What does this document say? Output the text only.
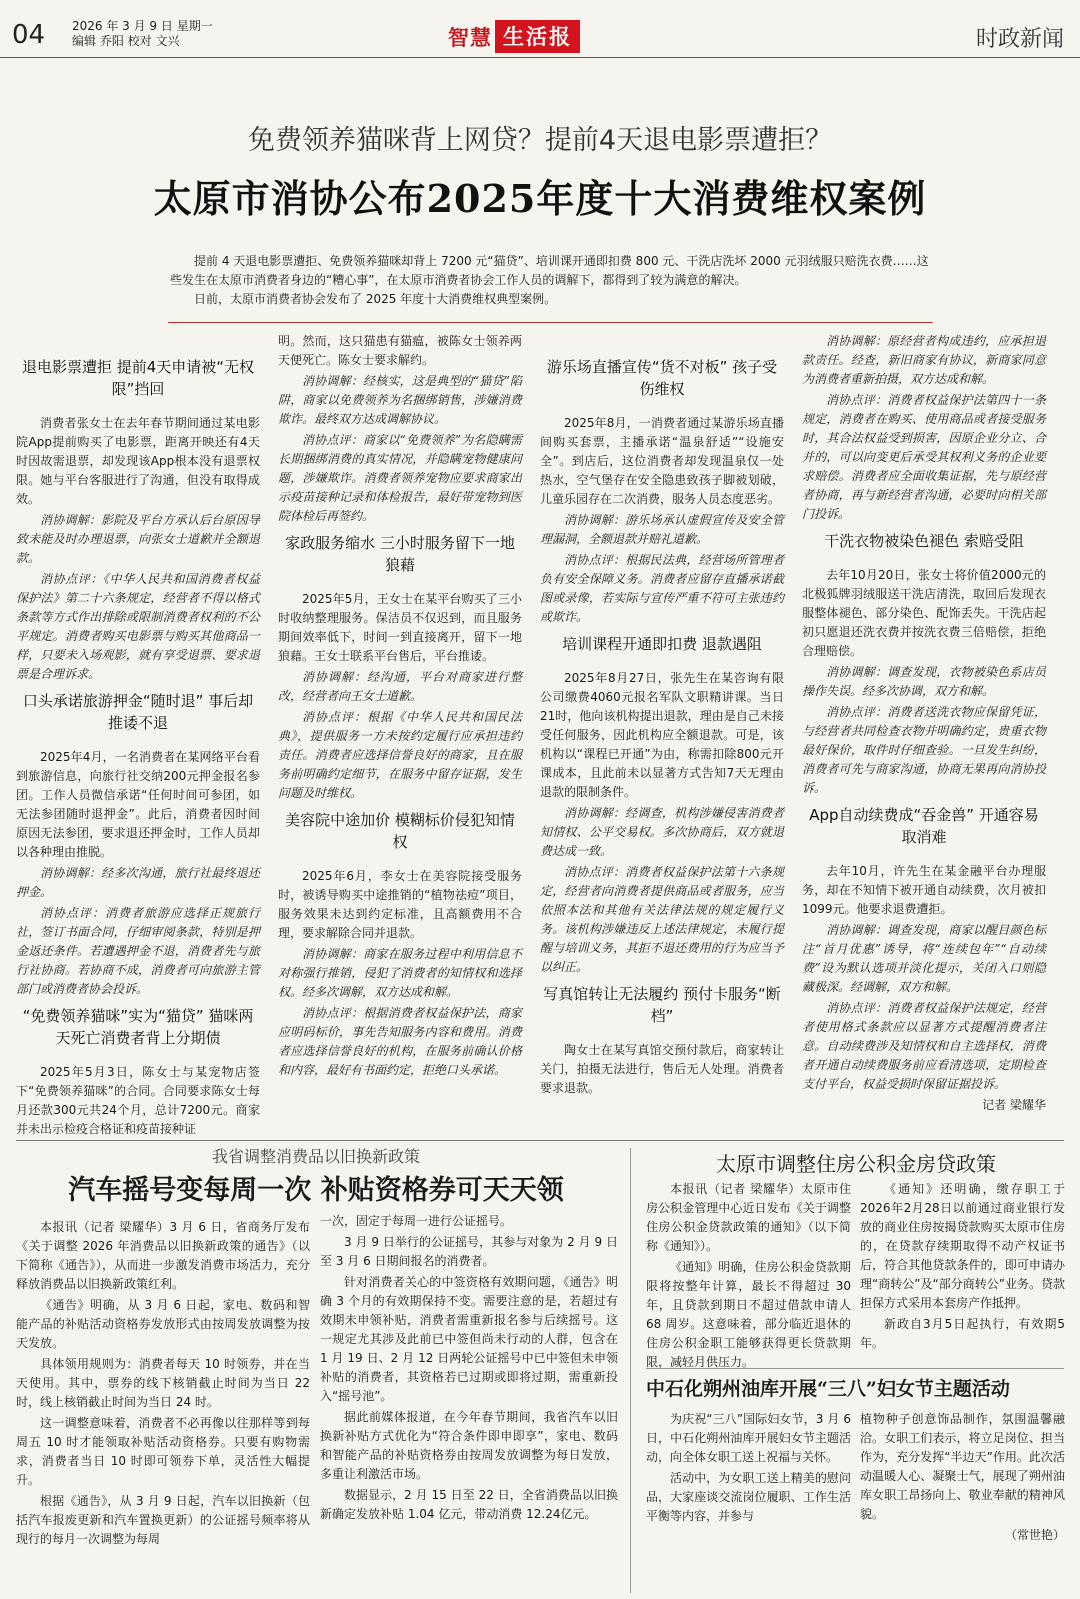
04 2026 年 3 月 9 日 星期一
编辑 乔阳 校对 文兴	智慧 生活报	时政新闻
免费领养猫咪背上网贷？提前4天退电影票遭拒？
太原市消协公布2025年度十大消费维权案例

提前 4 天退电影票遭拒、免费领养猫咪却背上 7200 元“猫贷”、培训课开通即扣费 800 元、干洗店洗坏 2000 元羽绒服只赔洗衣费……这些发生在太原市消费者身边的“糟心事”，在太原市消费者协会工作人员的调解下，都得到了较为满意的解决。

日前，太原市消费者协会发布了 2025 年度十大消费维权典型案例。

退电影票遭拒 提前4天申请被“无权限”挡回

消费者张女士在去年春节期间通过某电影院App提前购买了电影票，距离开映还有4天时因故需退票，却发现该App根本没有退票权限。她与平台客服进行了沟通，但没有取得成效。

消协调解：影院及平台方承认后台原因导致未能及时办理退票，向张女士道歉并全额退款。

消协点评：《中华人民共和国消费者权益保护法》第二十六条规定，经营者不得以格式条款等方式作出排除或限制消费者权利的不公平规定。消费者购买电影票与购买其他商品一样，只要未入场观影，就有享受退票、要求退票是合理诉求。

口头承诺旅游押金“随时退” 事后却推诿不退

2025年4月，一名消费者在某网络平台看到旅游信息，向旅行社交纳200元押金报名参团。工作人员微信承诺“任何时间可参团，如无法参团随时退押金”。此后，消费者因时间原因无法参团，要求退还押金时，工作人员却以各种理由推脱。

消协调解：经多次沟通，旅行社最终退还押金。

消协点评：消费者旅游应选择正规旅行社，签订书面合同，仔细审阅条款，特别是押金返还条件。若遭遇押金不退，消费者先与旅行社协商。若协商不成，消费者可向旅游主管部门或消费者协会投诉。

“免费领养猫咪”实为“猫贷” 猫咪两天死亡消费者背上分期债

2025年5月3日，陈女士与某宠物店签下“免费领养猫咪”的合同。合同要求陈女士每月还款300元共24个月，总计7200元。商家并未出示检疫合格证和疫苗接种证

明。然而，这只猫患有猫瘟，被陈女士领养两天便死亡。陈女士要求解约。

消协调解：经核实，这是典型的“猫贷”陷阱，商家以免费领养为名捆绑销售，涉嫌消费欺诈。最终双方达成调解协议。

消协点评：商家以“免费领养”为名隐瞒需长期捆绑消费的真实情况，并隐瞒宠物健康问题，涉嫌欺诈。消费者领养宠物应要求商家出示疫苗接种记录和体检报告，最好带宠物到医院体检后再签约。

家政服务缩水 三小时服务留下一地狼藉

2025年5月，王女士在某平台购买了三小时收纳整理服务。保洁员不仅迟到，而且服务期间效率低下，时间一到直接离开，留下一地狼藉。王女士联系平台售后，平台推诿。

消协调解：经沟通，平台对商家进行整改，经营者向王女士道歉。

消协点评：根据《中华人民共和国民法典》，提供服务一方未按约定履行应承担违约责任。消费者应选择信誉良好的商家，且在服务前明确约定细节，在服务中留存证据，发生问题及时维权。

美容院中途加价 模糊标价侵犯知情权

2025年6月，李女士在美容院接受服务时，被诱导购买中途推销的“植物祛痘”项目，服务效果未达到约定标准，且高额费用不合理，要求解除合同并退款。

消协调解：商家在服务过程中利用信息不对称强行推销，侵犯了消费者的知情权和选择权。经多次调解，双方达成和解。

消协点评：根据消费者权益保护法，商家应明码标价，事先告知服务内容和费用。消费者应选择信誉良好的机构，在服务前确认价格和内容，最好有书面约定，拒绝口头承诺。

游乐场直播宣传“货不对板” 孩子受伤维权

2025年8月，一消费者通过某游乐场直播间购买套票，主播承诺“温泉舒适”“设施安全”。到店后，这位消费者却发现温泉仅一处热水，空气堡存在安全隐患致孩子脚被划破，儿童乐园存在二次消费，服务人员态度恶劣。

消协调解：游乐场承认虚假宣传及安全管理漏洞，全额退款并赔礼道歉。

消协点评：根据民法典，经营场所管理者负有安全保障义务。消费者应留存直播承诺截图或录像，若实际与宣传严重不符可主张违约或欺诈。

培训课程开通即扣费 退款遇阻

2025年8月27日，张先生在某咨询有限公司缴费4060元报名军队文职精讲课。当日21时，他向该机构提出退款，理由是自己未接受任何服务，因此机构应全额退款。可是，该机构以“课程已开通”为由，称需扣除800元开课成本，且此前未以显著方式告知7天无理由退款的限制条件。

消协调解：经调查，机构涉嫌侵害消费者知情权、公平交易权。多次协商后，双方就退费达成一致。

消协点评：消费者权益保护法第十六条规定，经营者向消费者提供商品或者服务，应当依照本法和其他有关法律法规的规定履行义务。该机构涉嫌违反上述法律规定，未履行提醒与培训义务，其拒不退还费用的行为应当予以纠正。

写真馆转让无法履约 预付卡服务“断档”

陶女士在某写真馆交预付款后，商家转让关门，拍摄无法进行，售后无人处理。消费者要求退款。

消协调解：原经营者构成违约，应承担退款责任。经查，新旧商家有协议，新商家同意为消费者重新拍摄，双方达成和解。

消协点评：消费者权益保护法第四十一条规定，消费者在购买、使用商品或者接受服务时，其合法权益受到损害，因原企业分立、合并的，可以向变更后承受其权利义务的企业要求赔偿。消费者应全面收集证据，先与原经营者协商，再与新经营者沟通，必要时向相关部门投诉。

干洗衣物被染色褪色 索赔受阻

去年10月20日，张女士将价值2000元的北极狐牌羽绒服送干洗店清洗，取回后发现衣服整体褪色、部分染色、配饰丢失。干洗店起初只愿退还洗衣费并按洗衣费三倍赔偿，拒绝合理赔偿。

消协调解：调查发现，衣物被染色系店员操作失误。经多次协调，双方和解。

消协点评：消费者送洗衣物应保留凭证，与经营者共同检查衣物并明确约定，贵重衣物最好保价，取件时仔细查验。一旦发生纠纷，消费者可先与商家沟通，协商无果再向消协投诉。

App自动续费成“吞金兽” 开通容易取消难

去年10月，许先生在某金融平台办理服务，却在不知情下被开通自动续费，次月被扣1099元。他要求退费遭拒。

消协调解：调查发现，商家以醒目颜色标注“首月优惠”诱导，将“连续包年”“自动续费”设为默认选项并淡化提示，关闭入口则隐藏极深。经调解，双方和解。

消协点评：消费者权益保护法规定，经营者使用格式条款应以显著方式提醒消费者注意。自动续费涉及知情权和自主选择权，消费者开通自动续费服务前应看清选项，定期检查支付平台，权益受损时保留证据投诉。

记者 梁耀华
我省调整消费品以旧换新政策
汽车摇号变每周一次 补贴资格券可天天领

本报讯（记者 梁耀华）3 月 6 日，省商务厅发布《关于调整 2026 年消费品以旧换新政策的通告》（以下简称《通告》），从而进一步激发消费市场活力，充分释放消费品以旧换新政策红利。

《通告》明确，从 3 月 6 日起，家电、数码和智能产品的补贴活动资格券发放形式由按周发放调整为按天发放。

具体领用规则为：消费者每天 10 时领券，并在当天使用。其中，票券的线下核销截止时间为当日 22 时，线上核销截止时间为当日 24 时。

这一调整意味着，消费者不必再像以往那样等到每周五 10 时才能领取补贴活动资格券。只要有购物需求，消费者当日 10 时即可领券下单，灵活性大幅提升。

根据《通告》，从 3 月 9 日起，汽车以旧换新（包括汽车报废更新和汽车置换更新）的公证摇号频率将从现行的每月一次调整为每周

一次，固定于每周一进行公证摇号。

3 月 9 日举行的公证摇号，其参与对象为 2 月 9 日至 3 月 6 日期间报名的消费者。

针对消费者关心的中签资格有效期问题，《通告》明确 3 个月的有效期保持不变。需要注意的是，若超过有效期未申领补贴，消费者需重新报名参与后续摇号。这一规定尤其涉及此前已中签但尚未行动的人群，包含在 1 月 19 日、2 月 12 日两轮公证摇号中已中签但未申领补贴的消费者，其资格若已过期或即将过期，需重新投入“摇号池”。

据此前媒体报道，在今年春节期间，我省汽车以旧换新补贴方式优化为“符合条件即申即享”，家电、数码和智能产品的补贴资格券由按周发放调整为每日发放，多重让利激活市场。

数据显示，2 月 15 日至 22 日，全省消费品以旧换新确定发放补贴 1.04 亿元，带动消费 12.24亿元。

太原市调整住房公积金房贷政策

本报讯（记者 梁耀华）太原市住房公积金管理中心近日发布《关于调整住房公积金贷款政策的通知》（以下简称《通知》）。

《通知》明确，住房公积金贷款期限将按整年计算，最长不得超过 30 年，且贷款到期日不超过借款申请人 68 周岁。这意味着，部分临近退休的住房公积金职工能够获得更长贷款期限，减轻月供压力。

《通知》还明确，缴存职工于 2026年2月28日以前通过商业银行发放的商业住房按揭贷款购买太原市住房的，在贷款存续期取得不动产权证书后，符合其他贷款条件的，即可申请办理“商转公”及“部分商转公”业务。贷款担保方式采用本套房产作抵押。

新政自3月5日起执行，有效期5年。

中石化朔州油库开展“三八”妇女节主题活动

为庆祝“三八”国际妇女节，3 月 6 日，中石化朔州油库开展妇女节主题活动，向全体女职工送上祝福与关怀。

活动中，为女职工送上精美的慰问品，大家座谈交流岗位履职、工作生活平衡等内容，并参与

植物种子创意饰品制作，氛围温馨融洽。女职工们表示，将立足岗位、担当作为，充分发挥“半边天”作用。此次活动温暖人心、凝聚士气，展现了朔州油库女职工昂扬向上、敬业奉献的精神风貌。

（常世艳）
